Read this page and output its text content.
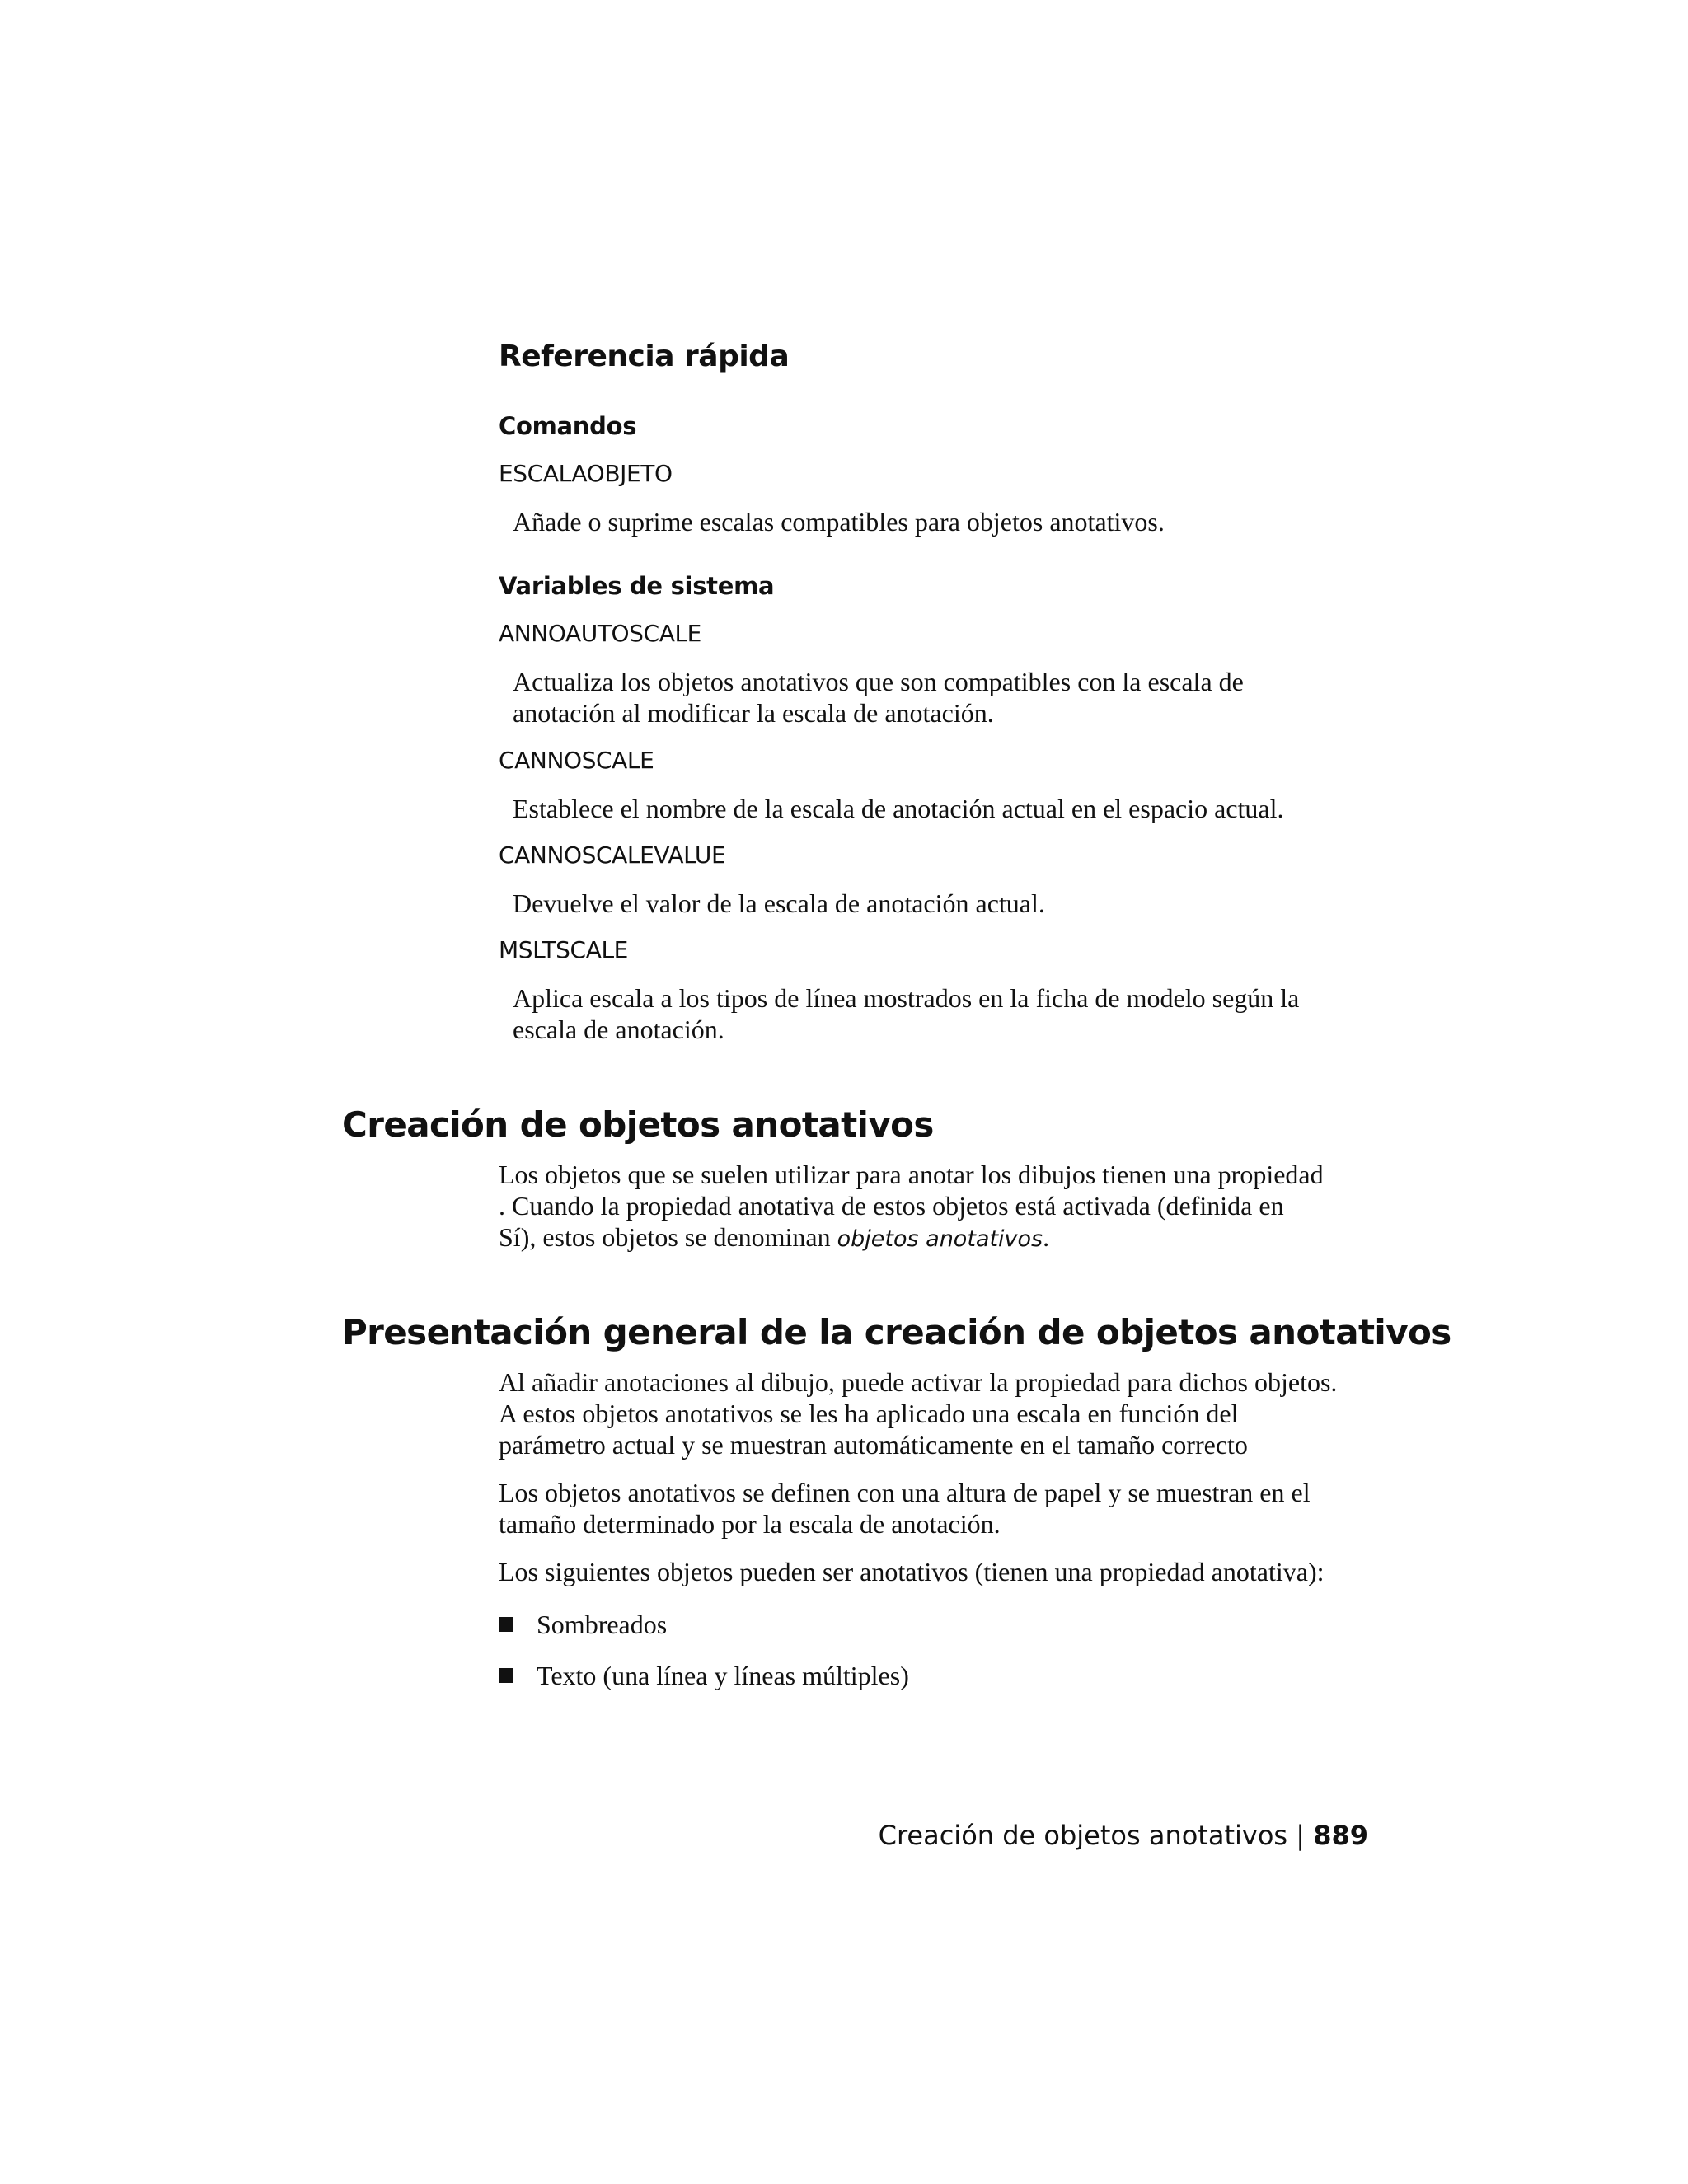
Referencia rápida
Comandos
ESCALAOBJETO
Añade o suprime escalas compatibles para objetos anotativos.
Variables de sistema
ANNOAUTOSCALE
Actualiza los objetos anotativos que son compatibles con la escala de
anotación al modificar la escala de anotación.
CANNOSCALE
Establece el nombre de la escala de anotación actual en el espacio actual.
CANNOSCALEVALUE
Devuelve el valor de la escala de anotación actual.
MSLTSCALE
Aplica escala a los tipos de línea mostrados en la ficha de modelo según la
escala de anotación.
Creación de objetos anotativos
Los objetos que se suelen utilizar para anotar los dibujos tienen una propiedad
. Cuando la propiedad anotativa de estos objetos está activada (definida en
Sí), estos objetos se denominan objetos anotativos.
Presentación general de la creación de objetos anotativos
Al añadir anotaciones al dibujo, puede activar la propiedad para dichos objetos.
A estos objetos anotativos se les ha aplicado una escala en función del
parámetro actual y se muestran automáticamente en el tamaño correcto
Los objetos anotativos se definen con una altura de papel y se muestran en el
tamaño determinado por la escala de anotación.
Los siguientes objetos pueden ser anotativos (tienen una propiedad anotativa):
Sombreados
Texto (una línea y líneas múltiples)
Creación de objetos anotativos | 889
